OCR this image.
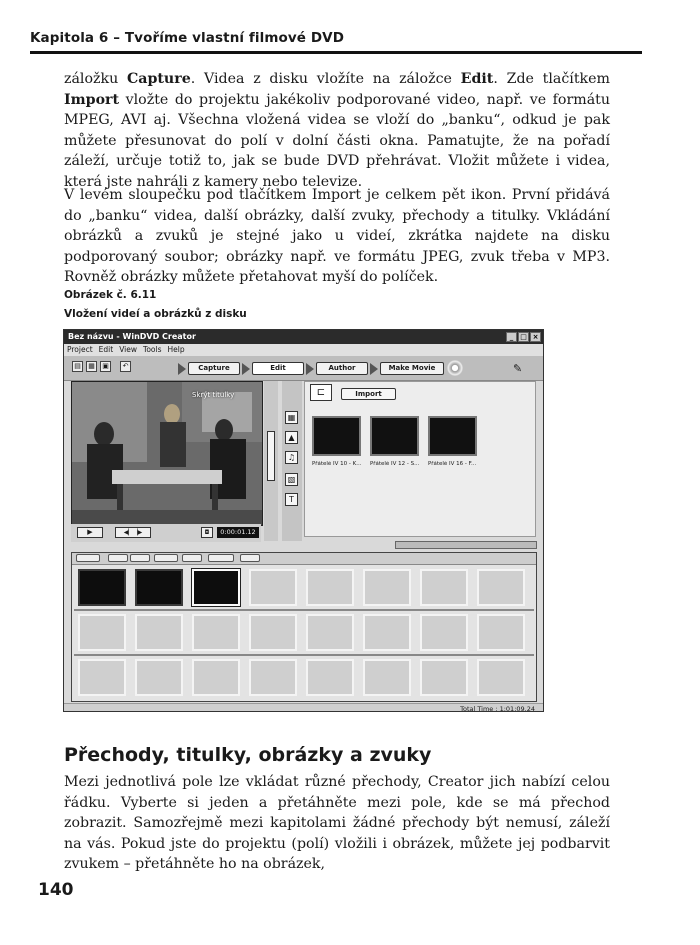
Kapitola 6 – Tvoříme vlastní filmové DVD

záložku Capture. Videa z disku vložíte na záložce Edit. Zde tlačítkem Import vložte do projektu jakékoliv podporované video, např. ve formátu MPEG, AVI aj. Všechna vložená videa se vloží do „banku“, odkud je pak můžete přesunovat do polí v dolní části okna. Pamatujte, že na pořadí záleží, určuje totiž to, jak se bude DVD přehrávat. Vložit můžete i videa, která jste nahráli z kamery nebo televize.

V levém sloupečku pod tlačítkem Import je celkem pět ikon. První přidává do „banku“ videa, další obrázky, další zvuky, přechody a titulky. Vkládání obrázků a zvuků je stejné jako u videí, zkrátka najdete na disku podporovaný soubor; obrázky např. ve formátu JPEG, zvuk třeba v MP3. Rovněž obrázky můžete přetahovat myší do políček.

Obrázek č. 6.11
Vložení videí a obrázků z disku
Bez názvu - WinDVD Creator	_ □ ×
Project Edit View Tools Help
▤	▦	▣	↶	Capture	Edit	Author	Make Movie	✎
Skrýt titulky
▶	◀▏▕▶	◘	0:00:01.12
▦
▲
♫
▧
T
⊏	Import
Přátelé IV 10 - K...	Přátelé IV 12 - S...	Přátelé IV 16 - F...
Total Time : 1:01:09.24
Přechody, titulky, obrázky a zvuky

Mezi jednotlivá pole lze vkládat různé přechody, Creator jich nabízí celou řádku. Vyberte si jeden a přetáhněte mezi pole, kde se má přechod zobrazit. Samozřejmě mezi kapitolami žádné přechody být nemusí, záleží na vás. Pokud jste do projektu (polí) vložili i obrázek, můžete jej podbarvit zvukem – přetáhněte ho na obrázek,

140
